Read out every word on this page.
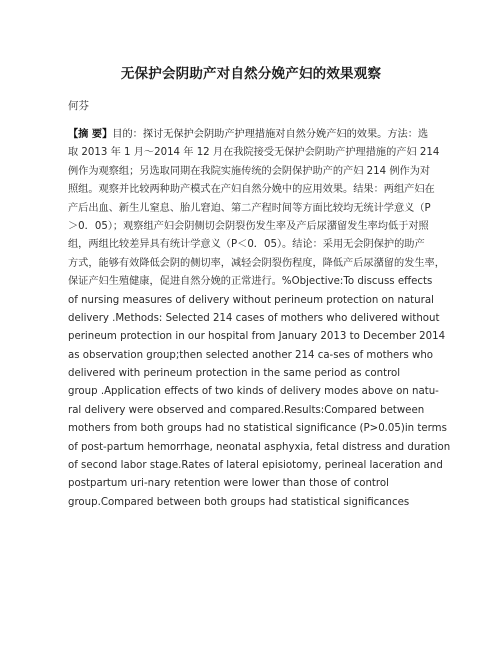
无保护会阴助产对自然分娩产妇的效果观察
何芬
【摘 要】目的：探讨无保护会阴助产护理措施对自然分娩产妇的效果。方法：选
取 2013 年 1 月～2014 年 12 月在我院接受无保护会阴助产护理措施的产妇 214
例作为观察组；另选取同期在我院实施传统的会阴保护助产的产妇 214 例作为对
照组。观察并比较两种助产模式在产妇自然分娩中的应用效果。结果：两组产妇在
产后出血、新生儿窒息、胎儿窘迫、第二产程时间等方面比较均无统计学意义（P
＞0．05）；观察组产妇会阴侧切会阴裂伤发生率及产后尿潴留发生率均低于对照
组，两组比较差异具有统计学意义（P＜0．05）。结论：采用无会阴保护的助产
方式，能够有效降低会阴的侧切率，减轻会阴裂伤程度，降低产后尿潴留的发生率，
保证产妇生殖健康，促进自然分娩的正常进行。%Objective:To discuss effects
of nursing measures of delivery without perineum protection on natural
delivery .Methods: Selected 214 cases of mothers who delivered without
perineum protection in our hospital from January 2013 to December 2014
as observation group;then selected another 214 ca-ses of mothers who
delivered with perineum protection in the same period as control
group .Application effects of two kinds of delivery modes above on natu-
ral delivery were observed and compared.Results:Compared between
mothers from both groups had no statistical significance (P>0.05)in terms
of post-partum hemorrhage, neonatal asphyxia, fetal distress and duration
of second labor stage.Rates of lateral episiotomy, perineal laceration and
postpartum uri-nary retention were lower than those of control
group.Compared between both groups had statistical significances
